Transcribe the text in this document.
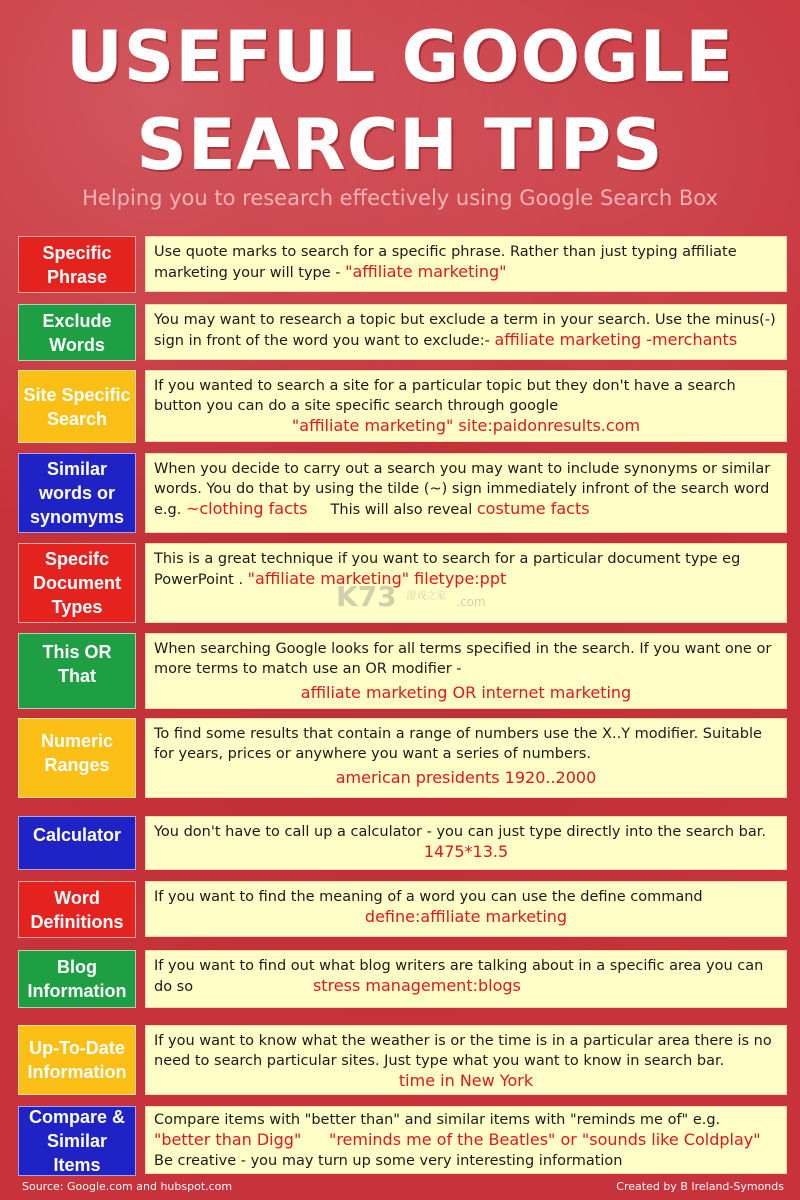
USEFUL GOOGLE
SEARCH TIPS
Helping you to research effectively using Google Search Box
Specific Phrase
Use quote marks to search for a specific phrase. Rather than just typing affiliate marketing your will type - "affiliate marketing"
Exclude Words
You may want to research a topic but exclude a term in your search. Use the minus(-) sign in front of the word you want to exclude:- affiliate marketing -merchants
Site Specific Search
If you wanted to search a site for a particular topic but they don't have a search button you can do a site specific search through google
"affiliate marketing" site:paidonresults.com
Similar words or synomyms
When you decide to carry out a search you may want to include synonyms or similar words. You do that by using the tilde (~) sign immediately infront of the search word e.g. ~clothing facts This will also reveal costume facts
Specifc Document Types
This is a great technique if you want to search for a particular document type eg PowerPoint . "affiliate marketing" filetype:ppt
This OR That
When searching Google looks for all terms specified in the search. If you want one or more terms to match use an OR modifier -
affiliate marketing OR internet marketing
Numeric Ranges
To find some results that contain a range of numbers use the X..Y modifier. Suitable for years, prices or anywhere you want a series of numbers.
american presidents 1920..2000
Calculator	You don't have to call up a calculator - you can just type directly into the search bar.
1475*13.5
Word Definitions
If you want to find the meaning of a word you can use the define command
define:affiliate marketing
Blog Information
If you want to find out what blog writers are talking about in a specific area you can do so	stress management:blogs
Up-To-Date Information
If you want to know what the weather is or the time is in a particular area there is no need to search particular sites. Just type what you want to know in search bar.
time in New York
Compare & Similar Items
Compare items with "better than" and similar items with "reminds me of" e.g.
"better than Digg" "reminds me of the Beatles" or "sounds like Coldplay"
Be creative - you may turn up some very interesting information
K73 $^{游戏之家}$ .com
Source: Google.com and hubspot.com	Created by B Ireland-Symonds
